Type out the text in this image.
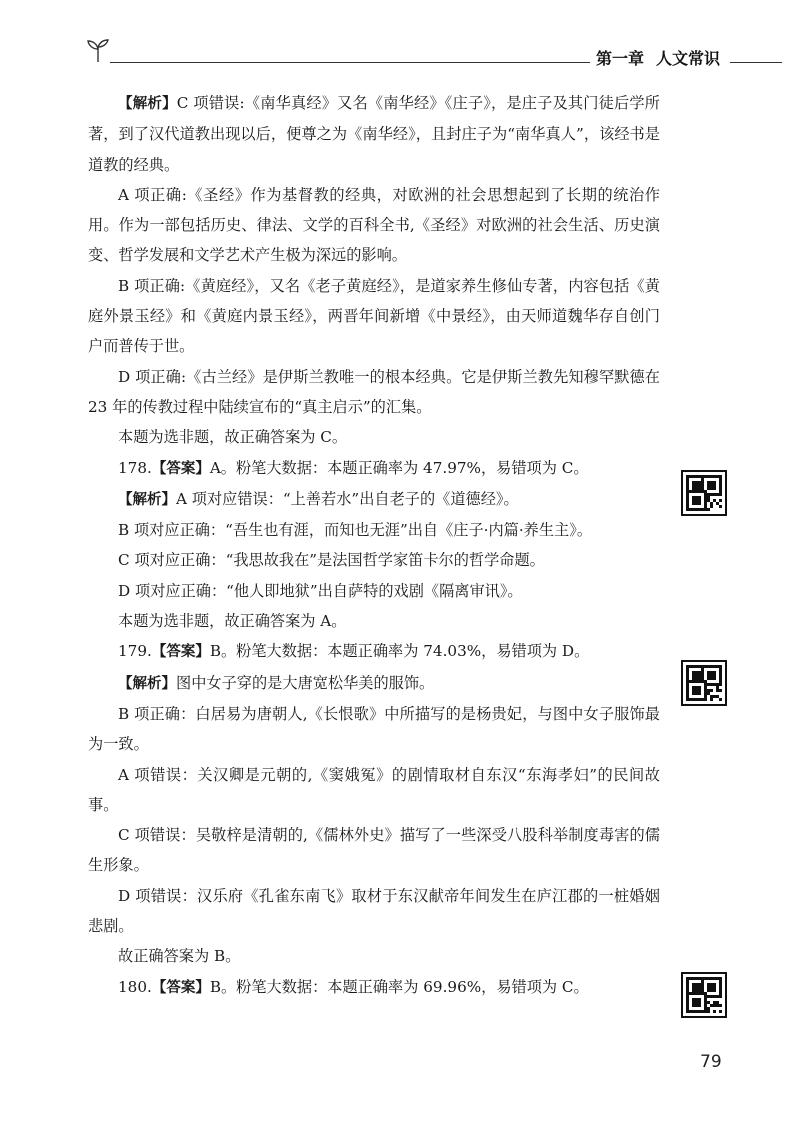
第一章 人文常识

【解析】C 项错误:《南华真经》又名《南华经》《庄子》，是庄子及其门徒后学所著，到了汉代道教出现以后，便尊之为《南华经》，且封庄子为“南华真人”，该经书是道教的经典。

A 项正确:《圣经》作为基督教的经典，对欧洲的社会思想起到了长期的统治作用。作为一部包括历史、律法、文学的百科全书,《圣经》对欧洲的社会生活、历史演变、哲学发展和文学艺术产生极为深远的影响。

B 项正确:《黄庭经》，又名《老子黄庭经》，是道家养生修仙专著，内容包括《黄庭外景玉经》和《黄庭内景玉经》，两晋年间新增《中景经》，由天师道魏华存自创门户而普传于世。

D 项正确:《古兰经》是伊斯兰教唯一的根本经典。它是伊斯兰教先知穆罕默德在 23 年的传教过程中陆续宣布的“真主启示”的汇集。

本题为选非题，故正确答案为 C。

178.【答案】A。粉笔大数据：本题正确率为 47.97%，易错项为 C。

【解析】A 项对应错误：“上善若水”出自老子的《道德经》。

B 项对应正确：“吾生也有涯，而知也无涯”出自《庄子·内篇·养生主》。

C 项对应正确：“我思故我在”是法国哲学家笛卡尔的哲学命题。

D 项对应正确：“他人即地狱”出自萨特的戏剧《隔离审讯》。

本题为选非题，故正确答案为 A。

179.【答案】B。粉笔大数据：本题正确率为 74.03%，易错项为 D。

【解析】图中女子穿的是大唐宽松华美的服饰。

B 项正确：白居易为唐朝人,《长恨歌》中所描写的是杨贵妃，与图中女子服饰最为一致。

A 项错误：关汉卿是元朝的,《窦娥冤》的剧情取材自东汉“东海孝妇”的民间故事。

C 项错误：吴敬梓是清朝的,《儒林外史》描写了一些深受八股科举制度毒害的儒生形象。

D 项错误：汉乐府《孔雀东南飞》取材于东汉献帝年间发生在庐江郡的一桩婚姻悲剧。

故正确答案为 B。

180.【答案】B。粉笔大数据：本题正确率为 69.96%，易错项为 C。

79
